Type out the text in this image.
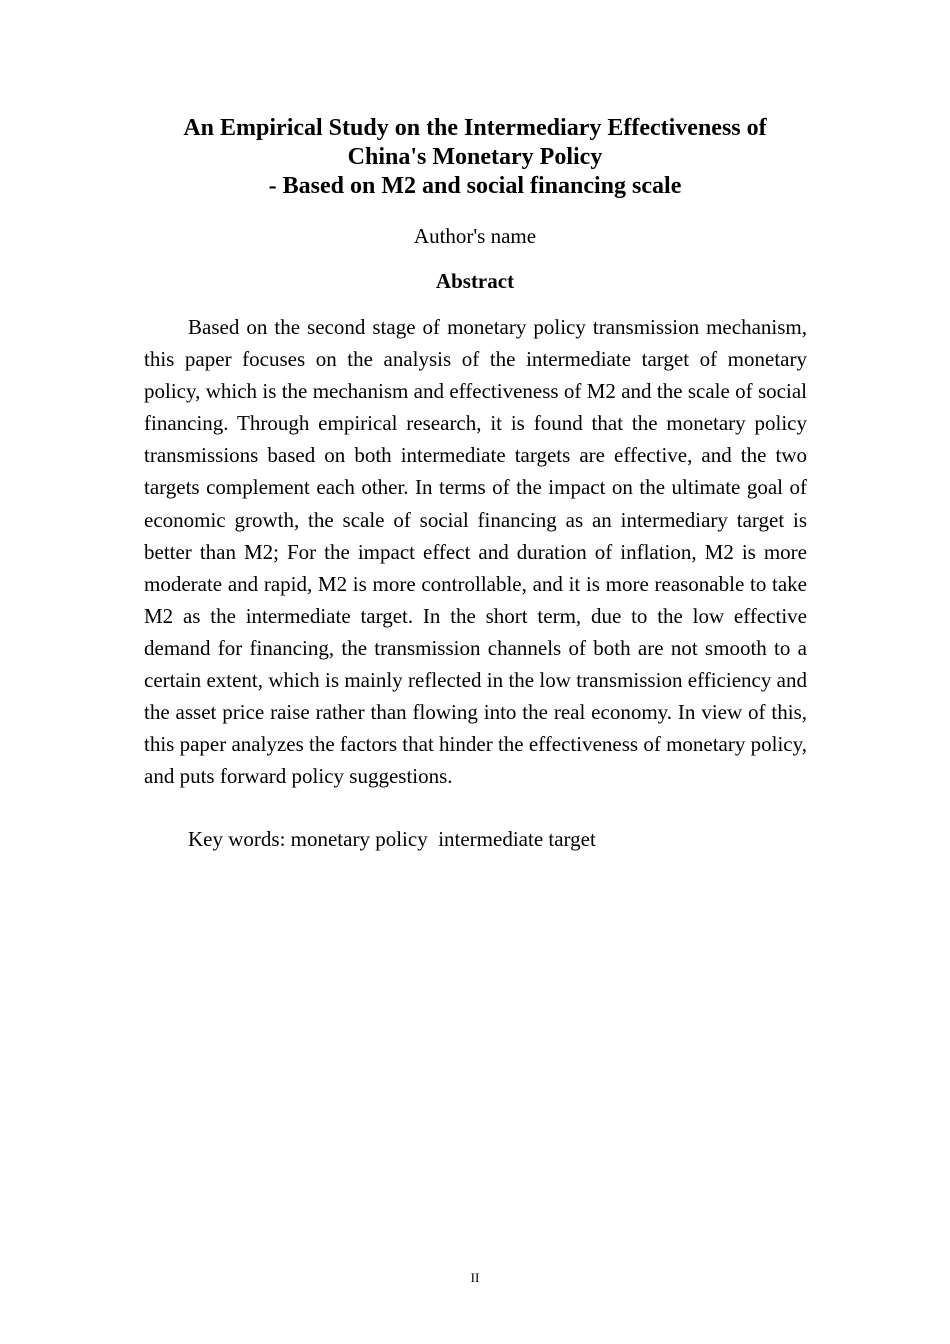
An Empirical Study on the Intermediary Effectiveness of
China's Monetary Policy
- Based on M2 and social financing scale
Author's name
Abstract

Based on the second stage of monetary policy transmission mechanism, this paper focuses on the analysis of the intermediate target of monetary policy, which is the mechanism and effectiveness of M2 and the scale of social financing. Through empirical research, it is found that the monetary policy transmissions based on both intermediate targets are effective, and the two targets complement each other. In terms of the impact on the ultimate goal of economic growth, the scale of social financing as an intermediary target is better than M2; For the impact effect and duration of inflation, M2 is more moderate and rapid, M2 is more controllable, and it is more reasonable to take M2 as the intermediate target. In the short term, due to the low effective demand for financing, the transmission channels of both are not smooth to a certain extent, which is mainly reflected in the low transmission efficiency and the asset price raise rather than flowing into the real economy. In view of this, this paper analyzes the factors that hinder the effectiveness of monetary policy, and puts forward policy suggestions.

Key words: monetary policy  intermediate target
II
